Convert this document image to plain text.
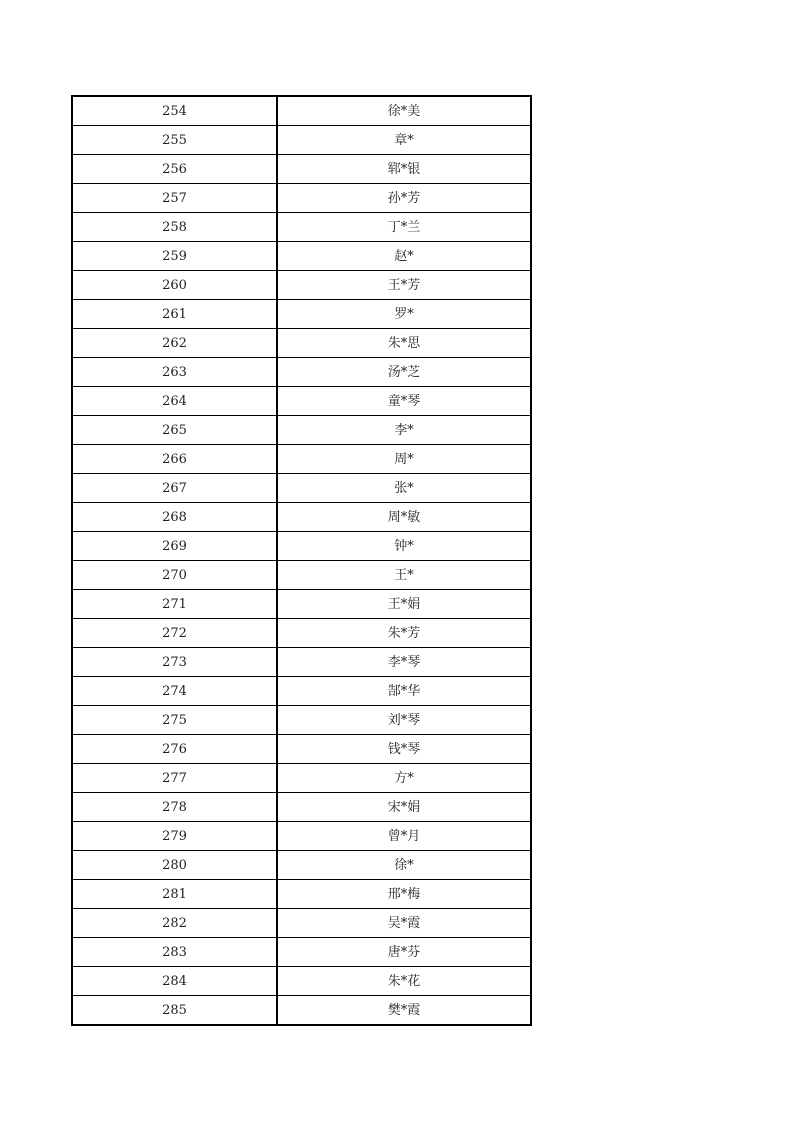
254	徐*美
255	章*
256	郓*银
257	孙*芳
258	丁*兰
259	赵*
260	王*芳
261	罗*
262	朱*思
263	汤*芝
264	童*琴
265	李*
266	周*
267	张*
268	周*敏
269	钟*
270	王*
271	王*娟
272	朱*芳
273	李*琴
274	郜*华
275	刘*琴
276	钱*琴
277	方*
278	宋*娟
279	曾*月
280	徐*
281	邢*梅
282	吴*霞
283	唐*芬
284	朱*花
285	樊*霞
